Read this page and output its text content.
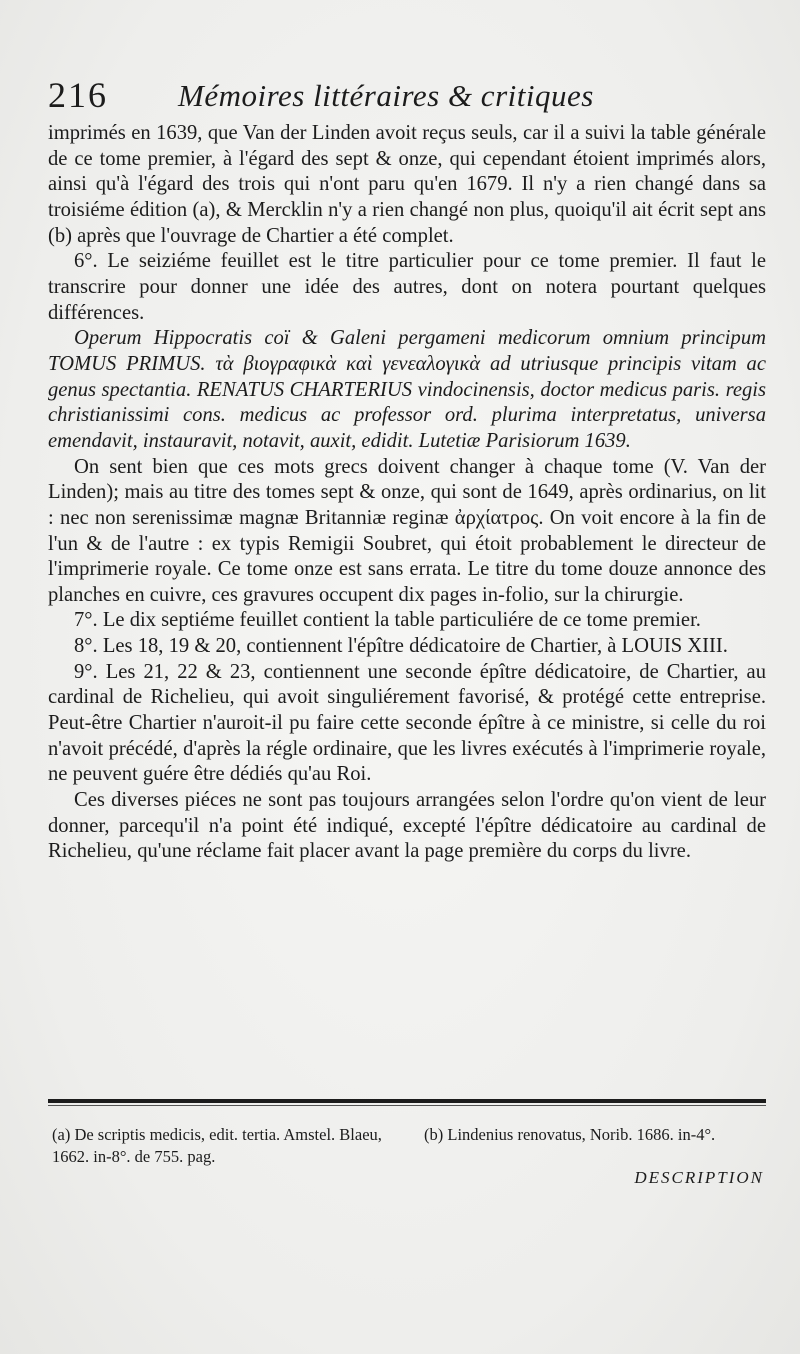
216 Mémoires littéraires & critiques

imprimés en 1639, que Van der Linden avoit reçus seuls, car il a suivi la table générale de ce tome premier, à l'égard des sept & onze, qui cependant étoient imprimés alors, ainsi qu'à l'égard des trois qui n'ont paru qu'en 1679. Il n'y a rien changé dans sa troisiéme édition (a), & Mercklin n'y a rien changé non plus, quoiqu'il ait écrit sept ans (b) après que l'ouvrage de Chartier a été complet.

6°. Le seiziéme feuillet est le titre particulier pour ce tome premier. Il faut le transcrire pour donner une idée des autres, dont on notera pourtant quelques différences.

Operum Hippocratis coï & Galeni pergameni medicorum omnium principum TOMUS PRIMUS. τὰ βιογραφικὰ καὶ γενεαλογικὰ ad utriusque principis vitam ac genus spectantia. RENATUS CHARTERIUS vindocinensis, doctor medicus paris. regis christianissimi cons. medicus ac professor ord. plurima interpretatus, universa emendavit, instauravit, notavit, auxit, edidit. Lutetiæ Parisiorum 1639.

On sent bien que ces mots grecs doivent changer à chaque tome (V. Van der Linden); mais au titre des tomes sept & onze, qui sont de 1649, après ordinarius, on lit : nec non serenissimæ magnæ Britanniæ reginæ ἀρχίατρος. On voit encore à la fin de l'un & de l'autre : ex typis Remigii Soubret, qui étoit probablement le directeur de l'imprimerie royale. Ce tome onze est sans errata. Le titre du tome douze annonce des planches en cuivre, ces gravures occupent dix pages in-folio, sur la chirurgie.

7°. Le dix septiéme feuillet contient la table particuliére de ce tome premier.

8°. Les 18, 19 & 20, contiennent l'épître dédicatoire de Chartier, à LOUIS XIII.

9°. Les 21, 22 & 23, contiennent une seconde épître dédicatoire, de Chartier, au cardinal de Richelieu, qui avoit singuliérement favorisé, & protégé cette entreprise. Peut-être Chartier n'auroit-il pu faire cette seconde épître à ce ministre, si celle du roi n'avoit précédé, d'après la régle ordinaire, que les livres exécutés à l'imprimerie royale, ne peuvent guére être dédiés qu'au Roi.

Ces diverses piéces ne sont pas toujours arrangées selon l'ordre qu'on vient de leur donner, parcequ'il n'a point été indiqué, excepté l'épître dédicatoire au cardinal de Richelieu, qu'une réclame fait placer avant la page première du corps du livre.

(a) De scriptis medicis, edit. tertia. Amstel. Blaeu, 1662. in-8°. de 755. pag.

(b) Lindenius renovatus, Norib. 1686. in-4°.

DESCRIPTION
